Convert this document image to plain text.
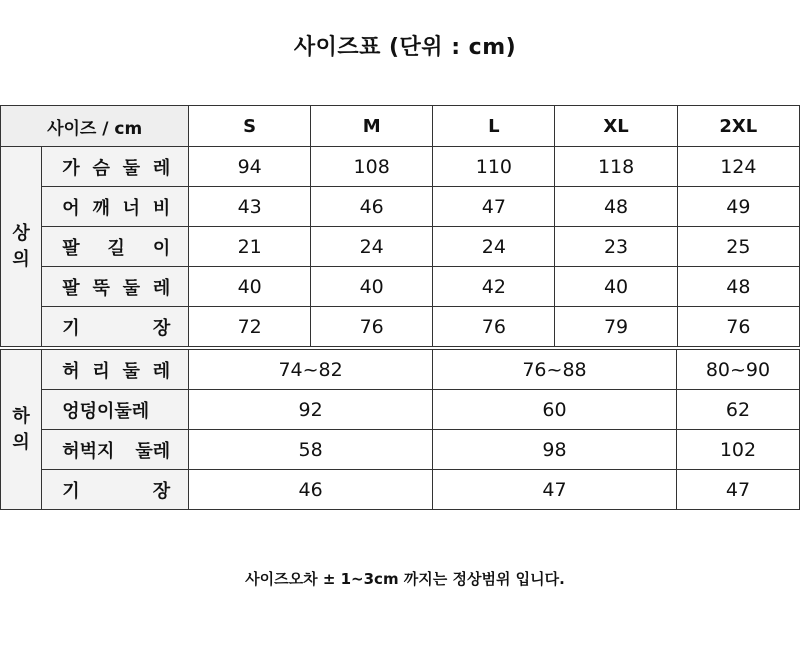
사이즈표 (단위 : cm)
사이즈 / cm		S	M	L	XL	2XL
상
의	가 슴 둘 레	94	108	110	118	124
	어 깨 너 비	43	46	47	48	49
	팔 길 이	21	24	24	23	25
	팔 뚝 둘 레	40	40	42	40	48
	기 장	72	76	76	79	76
하
의	허 리 둘 레	74~82	76~88	80~90
	엉덩이둘레	92	60	62
	허벅지 둘레	58	98	102
	기 장	46	47	47
사이즈오차 ± 1~3cm 까지는 정상범위 입니다.
